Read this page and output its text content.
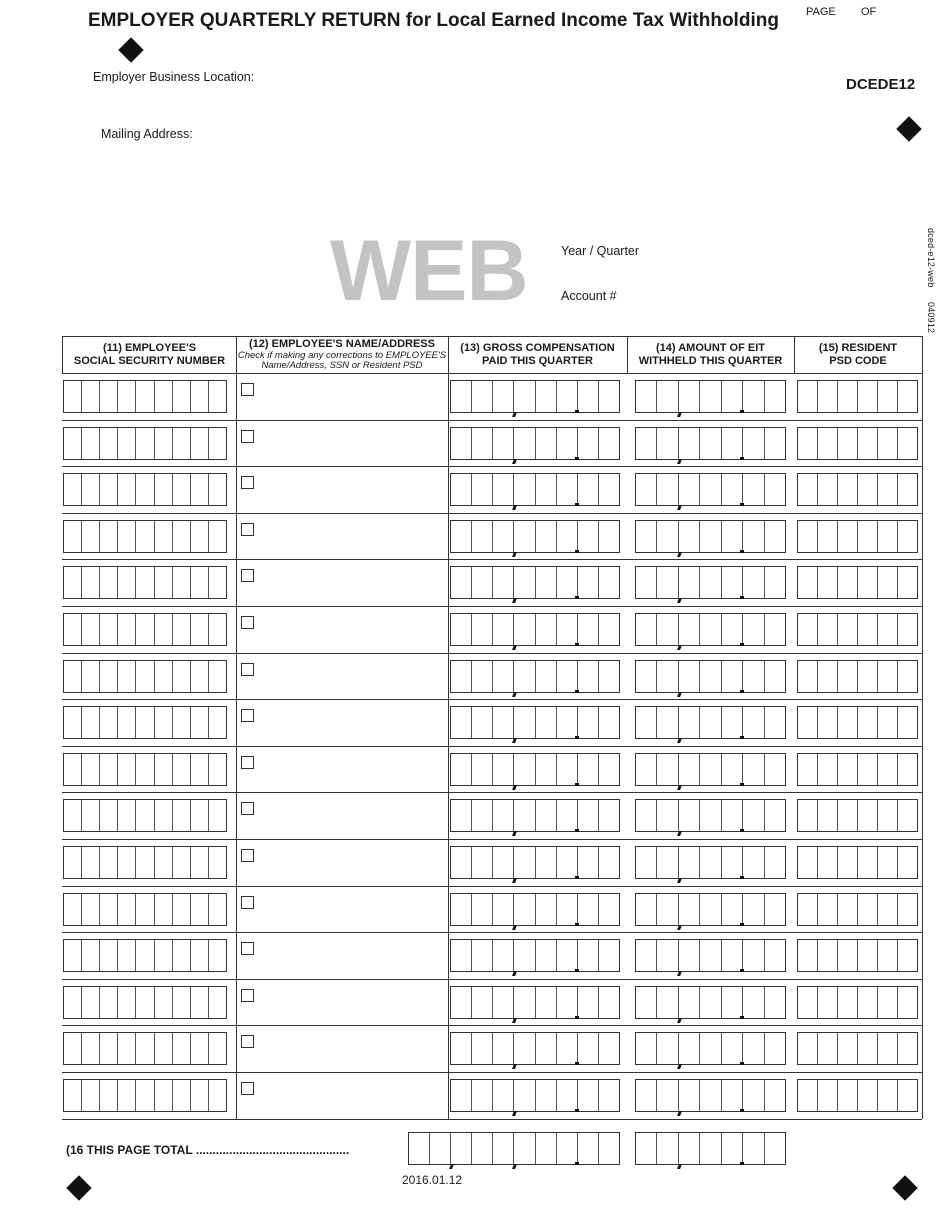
EMPLOYER QUARTERLY RETURN for Local Earned Income Tax Withholding PAGE OF
DCEDE12
Employer Business Location:
Mailing Address:
WEB	Year / Quarter
Account #
dced-e12-web 040912
(11) EMPLOYEE'S
SOCIAL SECURITY NUMBER
(12) EMPLOYEE'S NAME/ADDRESS
Check if making any corrections to EMPLOYEE'S
Name/Address, SSN or Resident PSD
(13) GROSS COMPENSATION
PAID THIS QUARTER
(14) AMOUNT OF EIT
WITHHELD THIS QUARTER
(15) RESIDENT
PSD CODE
(16 THIS PAGE TOTAL ..............................................
2016.01.12
